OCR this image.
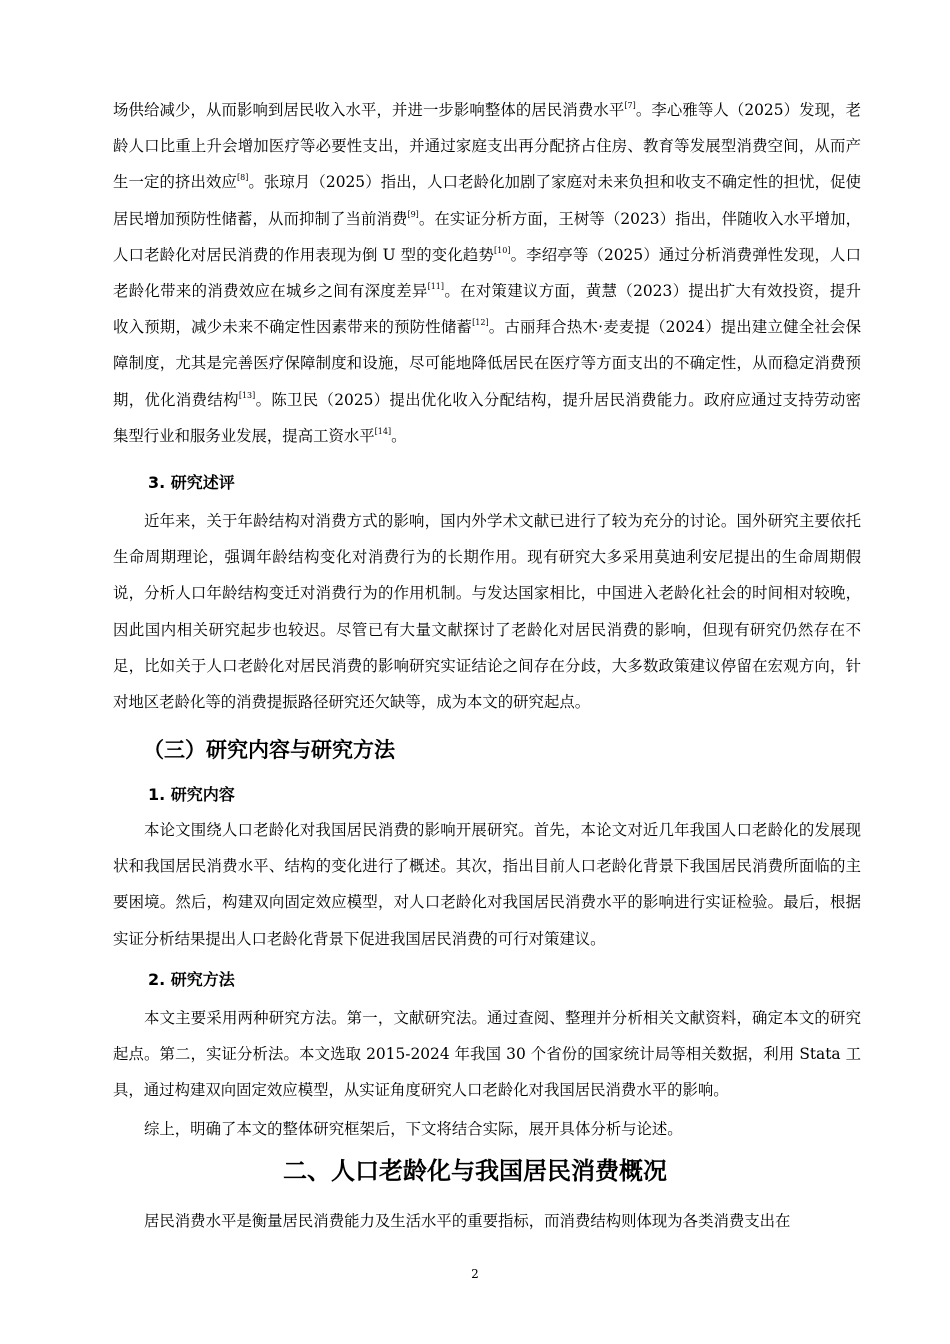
场供给减少，从而影响到居民收入水平，并进一步影响整体的居民消费水平[7]。李心雅等人（2025）发现，老龄人口比重上升会增加医疗等必要性支出，并通过家庭支出再分配挤占住房、教育等发展型消费空间，从而产生一定的挤出效应[8]。张琼月（2025）指出，人口老龄化加剧了家庭对未来负担和收支不确定性的担忧，促使居民增加预防性储蓄，从而抑制了当前消费[9]。在实证分析方面，王树等（2023）指出，伴随收入水平增加，人口老龄化对居民消费的作用表现为倒 U 型的变化趋势[10]。李绍亭等（2025）通过分析消费弹性发现，人口老龄化带来的消费效应在城乡之间有深度差异[11]。在对策建议方面，黄慧（2023）提出扩大有效投资，提升收入预期，减少未来不确定性因素带来的预防性储蓄[12]。古丽拜合热木·麦麦提（2024）提出建立健全社会保障制度，尤其是完善医疗保障制度和设施，尽可能地降低居民在医疗等方面支出的不确定性，从而稳定消费预期，优化消费结构[13]。陈卫民（2025）提出优化收入分配结构，提升居民消费能力。政府应通过支持劳动密集型行业和服务业发展，提高工资水平[14]。

3. 研究述评

近年来，关于年龄结构对消费方式的影响，国内外学术文献已进行了较为充分的讨论。国外研究主要依托生命周期理论，强调年龄结构变化对消费行为的长期作用。现有研究大多采用莫迪利安尼提出的生命周期假说，分析人口年龄结构变迁对消费行为的作用机制。与发达国家相比，中国进入老龄化社会的时间相对较晚，因此国内相关研究起步也较迟。尽管已有大量文献探讨了老龄化对居民消费的影响，但现有研究仍然存在不足，比如关于人口老龄化对居民消费的影响研究实证结论之间存在分歧，大多数政策建议停留在宏观方向，针对地区老龄化等的消费提振路径研究还欠缺等，成为本文的研究起点。

（三）研究内容与研究方法
1. 研究内容

本论文围绕人口老龄化对我国居民消费的影响开展研究。首先，本论文对近几年我国人口老龄化的发展现状和我国居民消费水平、结构的变化进行了概述。其次，指出目前人口老龄化背景下我国居民消费所面临的主要困境。然后，构建双向固定效应模型，对人口老龄化对我国居民消费水平的影响进行实证检验。最后，根据实证分析结果提出人口老龄化背景下促进我国居民消费的可行对策建议。

2. 研究方法

本文主要采用两种研究方法。第一，文献研究法。通过查阅、整理并分析相关文献资料，确定本文的研究起点。第二，实证分析法。本文选取 2015-2024 年我国 30 个省份的国家统计局等相关数据，利用 Stata 工具，通过构建双向固定效应模型，从实证角度研究人口老龄化对我国居民消费水平的影响。

综上，明确了本文的整体研究框架后，下文将结合实际，展开具体分析与论述。

二、人口老龄化与我国居民消费概况

居民消费水平是衡量居民消费能力及生活水平的重要指标，而消费结构则体现为各类消费支出在

2
